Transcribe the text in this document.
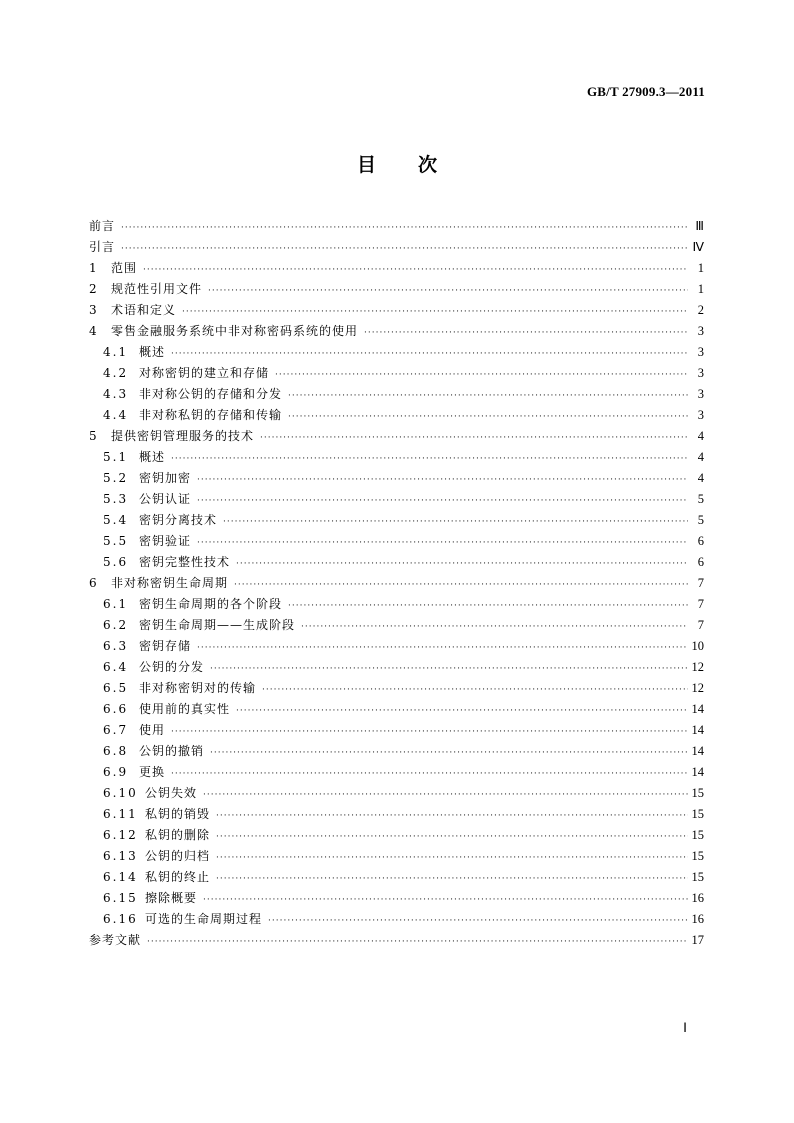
GB/T 27909.3—2011
目次
前言 ·····	Ⅲ
引言 ·····	Ⅳ
1	范围 ·····	1
2	规范性引用文件 ·····	1
3	术语和定义 ·····	2
4	零售金融服务系统中非对称密码系统的使用 ·····	3
4.1 概述 ·····	3
4.2 对称密钥的建立和存储 ·····	3
4.3 非对称公钥的存储和分发 ·····	3
4.4 非对称私钥的存储和传输 ·····	3
5	提供密钥管理服务的技术 ·····	4
5.1 概述 ·····	4
5.2 密钥加密 ·····	4
5.3 公钥认证 ·····	5
5.4 密钥分离技术 ·····	5
5.5 密钥验证 ·····	6
5.6 密钥完整性技术 ·····	6
6	非对称密钥生命周期 ·····	7
6.1 密钥生命周期的各个阶段 ·····	7
6.2 密钥生命周期——生成阶段 ·····	7
6.3 密钥存储 ·····	10
6.4 公钥的分发 ·····	12
6.5 非对称密钥对的传输 ·····	12
6.6 使用前的真实性 ·····	14
6.7 使用 ·····	14
6.8 公钥的撤销 ·····	14
6.9 更换 ·····	14
6.10 公钥失效 ·····	15
6.11 私钥的销毁 ·····	15
6.12 私钥的删除 ·····	15
6.13 公钥的归档 ·····	15
6.14 私钥的终止 ·····	15
6.15 擦除概要 ·····	16
6.16 可选的生命周期过程 ·····	16
参考文献 ·····	17
Ⅰ
